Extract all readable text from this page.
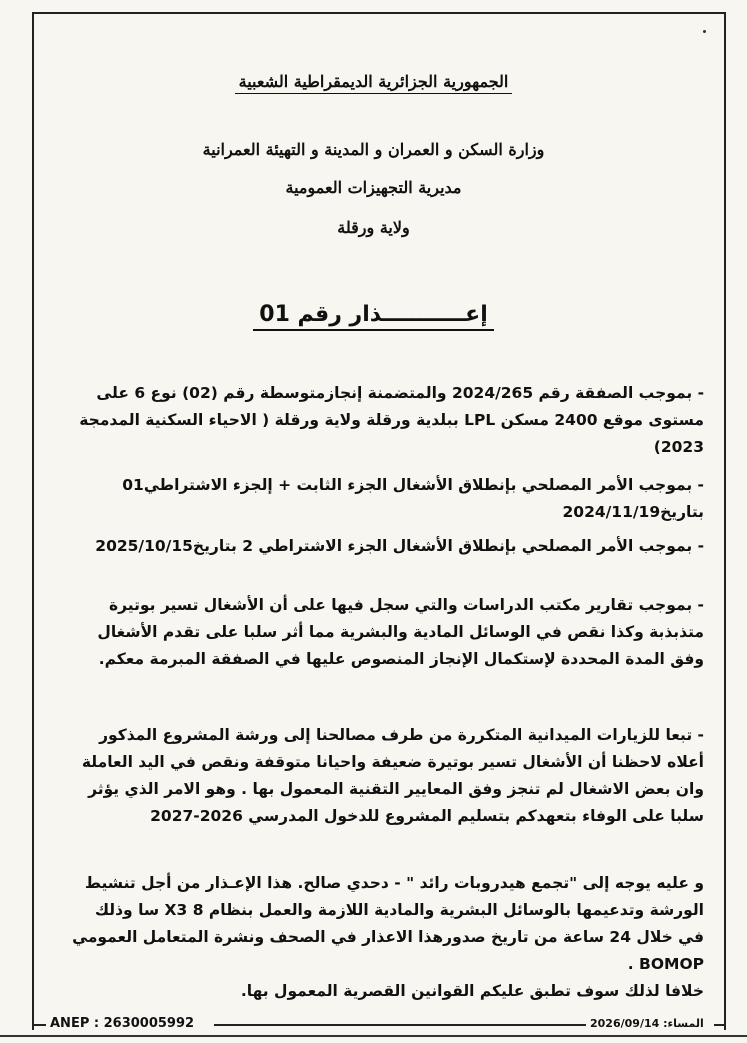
الجمهورية الجزائرية الديمقراطية الشعبية
وزارة السكن و العمران و المدينة و التهيئة العمرانية
مديرية التجهيزات العمومية
ولاية ورقلة
إعـــــــــــذار رقم 01

- بموجب الصفقة رقم 2024/265 والمتضمنة إنجازمتوسطة رقم (02) نوع 6 على مستوى موقع 2400 مسكن LPL ببلدية ورقلة ولاية ورقلة ( الاحياء السكنية المدمجة 2023)

- بموجب الأمر المصلحي بإنطلاق الأشغال الجزء الثابت + إلجزء الاشتراطي01 بتاريخ2024/11/19

- بموجب الأمر المصلحي بإنطلاق الأشغال الجزء الاشتراطي 2 بتاريخ2025/10/15

- بموجب تقارير مكتب الدراسات والتي سجل فيها على أن الأشغال تسير بوتيرة متذبذبة وكذا نقص في الوسائل المادية والبشرية مما أثر سلبا على تقدم الأشغال وفق المدة المحددة لإستكمال الإنجاز المنصوص عليها في الصفقة المبرمة معكم.

- تبعا للزيارات الميدانية المتكررة من طرف مصالحنا إلى ورشة المشروع المذكور أعلاه لاحظنا أن الأشغال تسير بوتيرة ضعيفة واحيانا متوقفة ونقص في اليد العاملة وان بعض الاشغال لم تنجز وفق المعايير التقنية المعمول بها . وهو الامر الذي يؤثر سلبا على الوفاء بتعهدكم بتسليم المشروع للدخول المدرسي 2026-2027

و عليه يوجه إلى "تجمع هيدروبات رائد " - دحدي صالح. هذا الإعـذار من أجل تنشيط الورشة وتدعيمها بالوسائل البشرية والمادية اللازمة والعمل بنظام 8 X3 سا وذلك في خلال 24 ساعة من تاريخ صدورهذا الاعذار في الصحف ونشرة المتعامل العمومي BOMOP .

خلافا لذلك سوف تطبق عليكم القوانين القصرية المعمول بها.

ANEP : 2630005992	المساء: 2026/09/14
